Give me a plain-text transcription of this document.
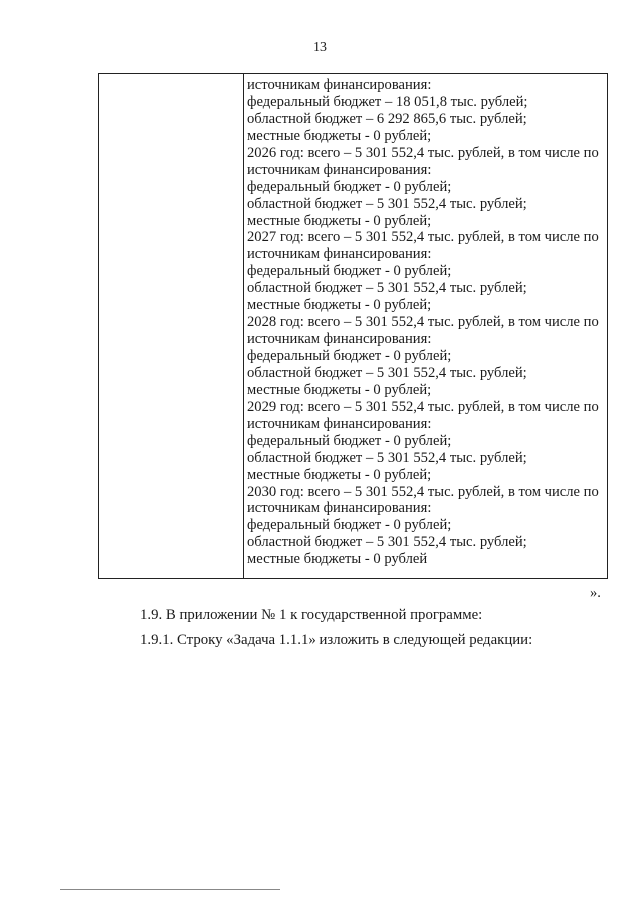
13
источникам финансирования:
федеральный бюджет – 18 051,8 тыс. рублей;
областной бюджет – 6 292 865,6 тыс. рублей;
местные бюджеты - 0 рублей;
2026 год: всего – 5 301 552,4 тыс. рублей, в том числе по
источникам финансирования:
федеральный бюджет - 0 рублей;
областной бюджет – 5 301 552,4 тыс. рублей;
местные бюджеты - 0 рублей;
2027 год: всего – 5 301 552,4 тыс. рублей, в том числе по
источникам финансирования:
федеральный бюджет - 0 рублей;
областной бюджет – 5 301 552,4 тыс. рублей;
местные бюджеты - 0 рублей;
2028 год: всего – 5 301 552,4 тыс. рублей, в том числе по
источникам финансирования:
федеральный бюджет - 0 рублей;
областной бюджет – 5 301 552,4 тыс. рублей;
местные бюджеты - 0 рублей;
2029 год: всего – 5 301 552,4 тыс. рублей, в том числе по
источникам финансирования:
федеральный бюджет - 0 рублей;
областной бюджет – 5 301 552,4 тыс. рублей;
местные бюджеты - 0 рублей;
2030 год: всего – 5 301 552,4 тыс. рублей, в том числе по
источникам финансирования:
федеральный бюджет - 0 рублей;
областной бюджет – 5 301 552,4 тыс. рублей;
местные бюджеты - 0 рублей
».
1.9. В приложении № 1 к государственной программе:
1.9.1. Строку «Задача 1.1.1» изложить в следующей редакции:
